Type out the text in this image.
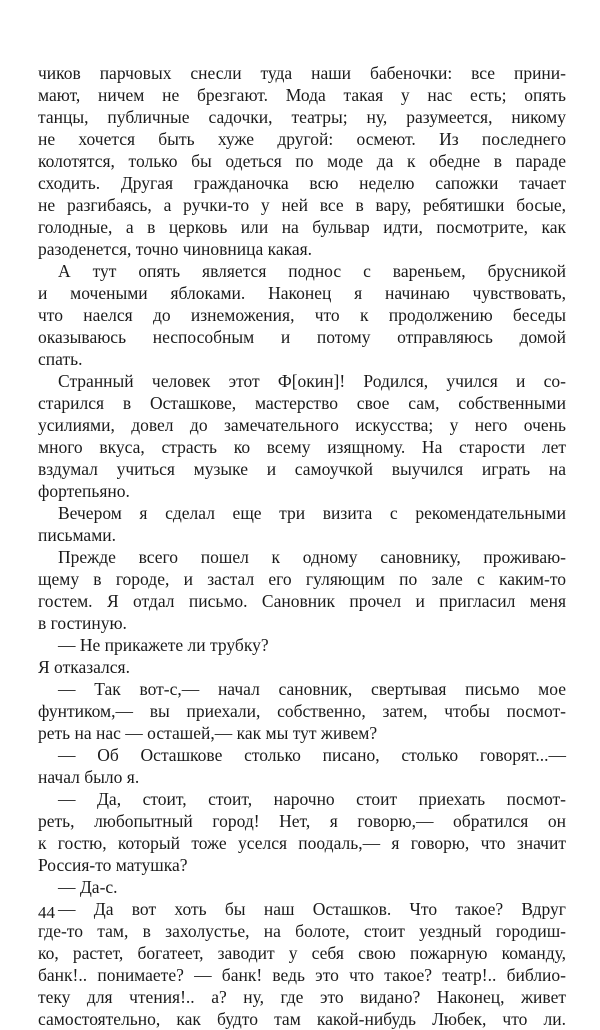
чиков парчовых снесли туда наши бабеночки: все прини-
мают, ничем не брезгают. Мода такая у нас есть; опять
танцы, публичные садочки, театры; ну, разумеется, никому
не хочется быть хуже другой: осмеют. Из последнего
колотятся, только бы одеться по моде да к обедне в параде
сходить. Другая гражданочка всю неделю сапожки тачает
не разгибаясь, а ручки-то у ней все в вару, ребятишки босые,
голодные, а в церковь или на бульвар идти, посмотрите, как
разоденется, точно чиновница какая.
А тут опять является поднос с вареньем, брусникой
и мочеными яблоками. Наконец я начинаю чувствовать,
что наелся до изнеможения, что к продолжению беседы
оказываюсь неспособным и потому отправляюсь домой
спать.
Странный человек этот Ф[окин]! Родился, учился и со-
старился в Осташкове, мастерство свое сам, собственными
усилиями, довел до замечательного искусства; у него очень
много вкуса, страсть ко всему изящному. На старости лет
вздумал учиться музыке и самоучкой выучился играть на
фортепьяно.
Вечером я сделал еще три визита с рекомендательными
письмами.
Прежде всего пошел к одному сановнику, проживаю-
щему в городе, и застал его гуляющим по зале с каким-то
гостем. Я отдал письмо. Сановник прочел и пригласил меня
в гостиную.
— Не прикажете ли трубку?
Я отказался.
— Так вот-с,— начал сановник, свертывая письмо мое
фунтиком,— вы приехали, собственно, затем, чтобы посмот-
реть на нас — осташей,— как мы тут живем?
— Об Осташкове столько писано, столько говорят...—
начал было я.
— Да, стоит, стоит, нарочно стоит приехать посмот-
реть, любопытный город! Нет, я говорю,— обратился он
к гостю, который тоже уселся поодаль,— я говорю, что значит
Россия-то матушка?
— Да-с.
— Да вот хоть бы наш Осташков. Что такое? Вдруг
где-то там, в захолустье, на болоте, стоит уездный городиш-
ко, растет, богатеет, заводит у себя свою пожарную команду,
банк!.. понимаете? — банк! ведь это что такое? театр!.. библио-
теку для чтения!.. а? ну, где это видано? Наконец, живет
самостоятельно, как будто там какой-нибудь Любек, что ли.
44
